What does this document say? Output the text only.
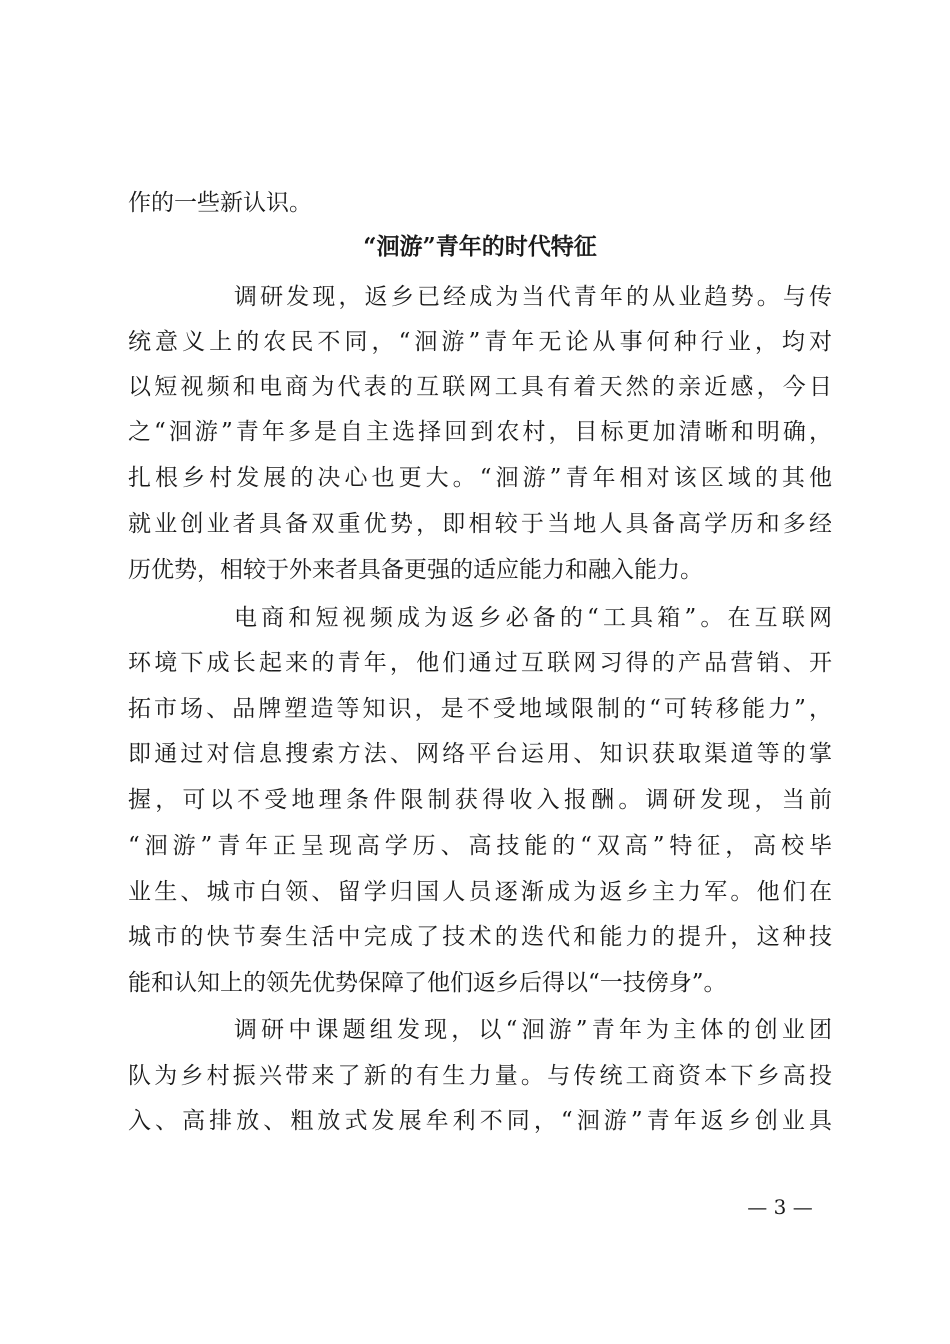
作的一些新认识。
“洄游”青年的时代特征
调研发现，返乡已经成为当代青年的从业趋势。与传
统意义上的农民不同，“洄游”青年无论从事何种行业，均对
以短视频和电商为代表的互联网工具有着天然的亲近感，今日
之“洄游”青年多是自主选择回到农村，目标更加清晰和明确，
扎根乡村发展的决心也更大。“洄游”青年相对该区域的其他
就业创业者具备双重优势，即相较于当地人具备高学历和多经
历优势，相较于外来者具备更强的适应能力和融入能力。
电商和短视频成为返乡必备的“工具箱”。在互联网
环境下成长起来的青年，他们通过互联网习得的产品营销、开
拓市场、品牌塑造等知识，是不受地域限制的“可转移能力”，
即通过对信息搜索方法、网络平台运用、知识获取渠道等的掌
握，可以不受地理条件限制获得收入报酬。调研发现，当前
“洄游”青年正呈现高学历、高技能的“双高”特征，高校毕
业生、城市白领、留学归国人员逐渐成为返乡主力军。他们在
城市的快节奏生活中完成了技术的迭代和能力的提升，这种技
能和认知上的领先优势保障了他们返乡后得以“一技傍身”。
调研中课题组发现，以“洄游”青年为主体的创业团
队为乡村振兴带来了新的有生力量。与传统工商资本下乡高投
入、高排放、粗放式发展牟利不同，“洄游”青年返乡创业具
— 3 —
